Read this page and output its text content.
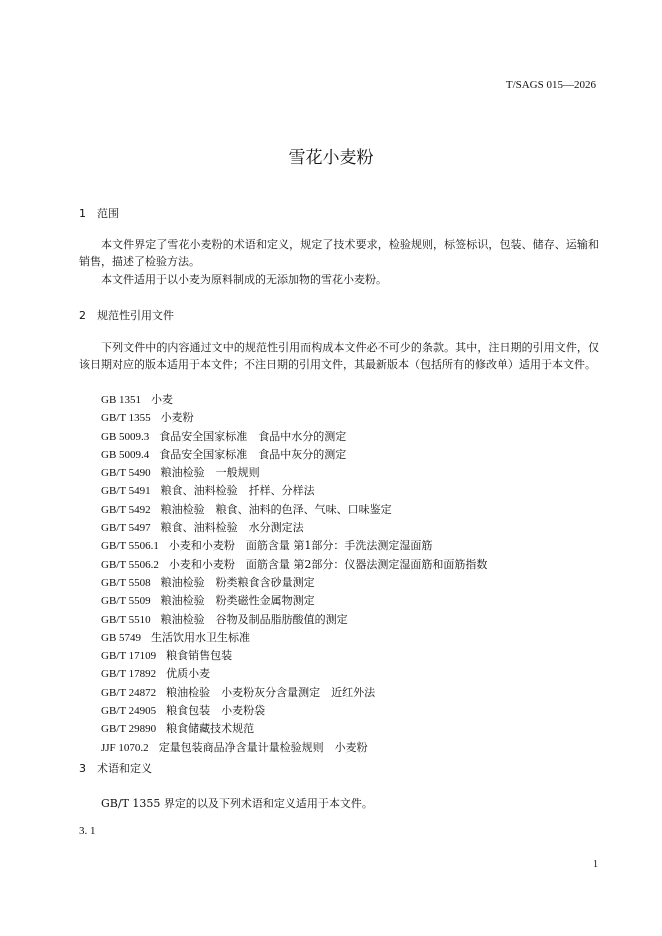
T/SAGS 015—2026
雪花小麦粉
1 范围

本文件界定了雪花小麦粉的术语和定义，规定了技术要求，检验规则，标签标识，包装、储存、运输和销售，描述了检验方法。

本文件适用于以小麦为原料制成的无添加物的雪花小麦粉。

2 规范性引用文件

下列文件中的内容通过文中的规范性引用而构成本文件必不可少的条款。其中，注日期的引用文件，仅该日期对应的版本适用于本文件；不注日期的引用文件，其最新版本（包括所有的修改单）适用于本文件。

GB 1351 小麦
GB/T 1355 小麦粉
GB 5009.3 食品安全国家标准　食品中水分的测定
GB 5009.4 食品安全国家标准　食品中灰分的测定
GB/T 5490 粮油检验　一般规则
GB/T 5491 粮食、油料检验　扦样、分样法
GB/T 5492 粮油检验　粮食、油料的色泽、气味、口味鉴定
GB/T 5497 粮食、油料检验　水分测定法
GB/T 5506.1 小麦和小麦粉　面筋含量 第1部分：手洗法测定湿面筋
GB/T 5506.2 小麦和小麦粉　面筋含量 第2部分：仪器法测定湿面筋和面筋指数
GB/T 5508 粮油检验　粉类粮食含砂量测定
GB/T 5509 粮油检验　粉类磁性金属物测定
GB/T 5510 粮油检验　谷物及制品脂肪酸值的测定
GB 5749 生活饮用水卫生标准
GB/T 17109 粮食销售包装
GB/T 17892 优质小麦
GB/T 24872 粮油检验　小麦粉灰分含量测定　近红外法
GB/T 24905 粮食包装　小麦粉袋
GB/T 29890 粮食储藏技术规范
JJF 1070.2 定量包装商品净含量计量检验规则　小麦粉
3 术语和定义

GB/T 1355 界定的以及下列术语和定义适用于本文件。

3. 1
1
